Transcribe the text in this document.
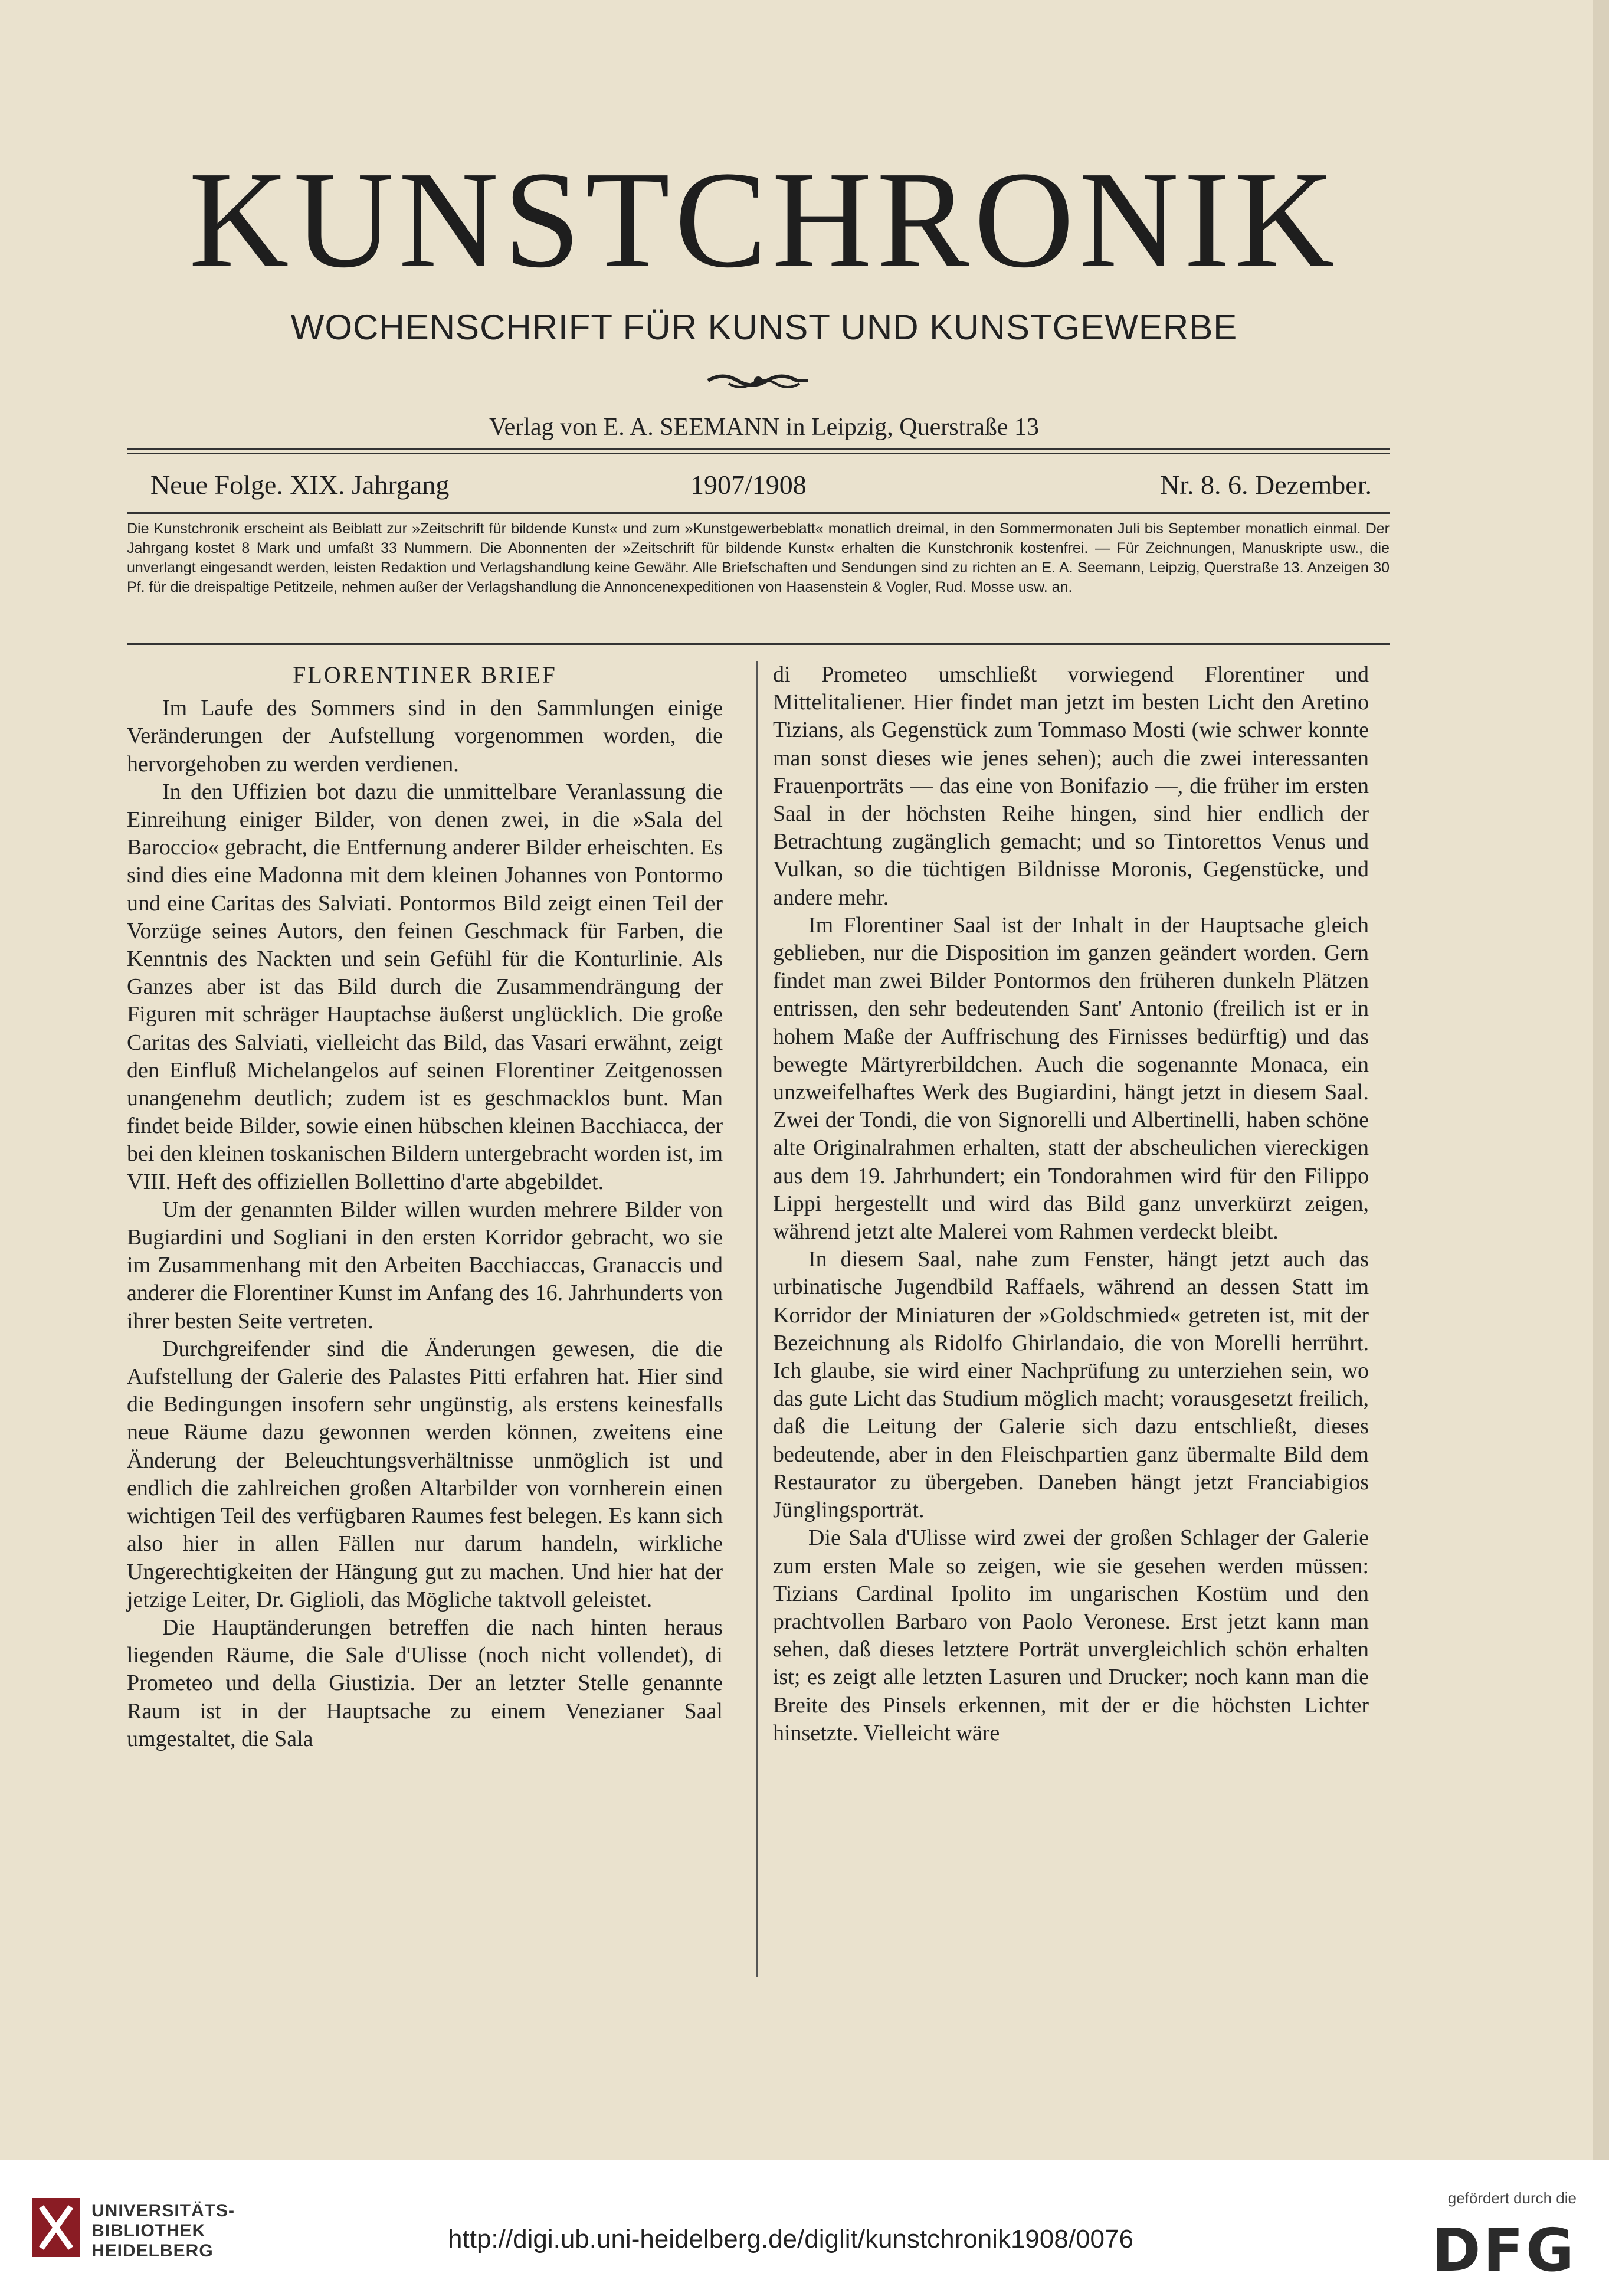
KUNSTCHRONIK
WOCHENSCHRIFT FÜR KUNST UND KUNSTGEWERBE
Verlag von E. A. SEEMANN in Leipzig, Querstraße 13
Neue Folge. XIX. Jahrgang	1907/1908	Nr. 8. 6. Dezember.
Die Kunstchronik erscheint als Beiblatt zur »Zeitschrift für bildende Kunst« und zum »Kunstgewerbeblatt« monatlich dreimal, in den Sommermonaten Juli bis September monatlich einmal. Der Jahrgang kostet 8 Mark und umfaßt 33 Nummern. Die Abonnenten der »Zeitschrift für bildende Kunst« erhalten die Kunstchronik kostenfrei. — Für Zeichnungen, Manuskripte usw., die unverlangt eingesandt werden, leisten Redaktion und Verlagshandlung keine Gewähr. Alle Briefschaften und Sendungen sind zu richten an E. A. Seemann, Leipzig, Querstraße 13. Anzeigen 30 Pf. für die dreispaltige Petitzeile, nehmen außer der Verlagshandlung die Annoncenexpeditionen von Haasenstein & Vogler, Rud. Mosse usw. an.
FLORENTINER BRIEF

Im Laufe des Sommers sind in den Sammlungen einige Veränderungen der Aufstellung vorgenommen worden, die hervorgehoben zu werden verdienen.

In den Uffizien bot dazu die unmittelbare Veranlassung die Einreihung einiger Bilder, von denen zwei, in die »Sala del Baroccio« gebracht, die Entfernung anderer Bilder erheischten. Es sind dies eine Madonna mit dem kleinen Johannes von Pontormo und eine Caritas des Salviati. Pontormos Bild zeigt einen Teil der Vorzüge seines Autors, den feinen Geschmack für Farben, die Kenntnis des Nackten und sein Gefühl für die Konturlinie. Als Ganzes aber ist das Bild durch die Zusammendrängung der Figuren mit schräger Hauptachse äußerst unglücklich. Die große Caritas des Salviati, vielleicht das Bild, das Vasari erwähnt, zeigt den Einfluß Michelangelos auf seinen Florentiner Zeitgenossen unangenehm deutlich; zudem ist es geschmacklos bunt. Man findet beide Bilder, sowie einen hübschen kleinen Bacchiacca, der bei den kleinen toskanischen Bildern untergebracht worden ist, im VIII. Heft des offiziellen Bollettino d'arte abgebildet.

Um der genannten Bilder willen wurden mehrere Bilder von Bugiardini und Sogliani in den ersten Korridor gebracht, wo sie im Zusammenhang mit den Arbeiten Bacchiaccas, Granaccis und anderer die Florentiner Kunst im Anfang des 16. Jahrhunderts von ihrer besten Seite vertreten.

Durchgreifender sind die Änderungen gewesen, die die Aufstellung der Galerie des Palastes Pitti erfahren hat. Hier sind die Bedingungen insofern sehr ungünstig, als erstens keinesfalls neue Räume dazu gewonnen werden können, zweitens eine Änderung der Beleuchtungsverhältnisse unmöglich ist und endlich die zahlreichen großen Altarbilder von vornherein einen wichtigen Teil des verfügbaren Raumes fest belegen. Es kann sich also hier in allen Fällen nur darum handeln, wirkliche Ungerechtigkeiten der Hängung gut zu machen. Und hier hat der jetzige Leiter, Dr. Giglioli, das Mögliche taktvoll geleistet.

Die Hauptänderungen betreffen die nach hinten heraus liegenden Räume, die Sale d'Ulisse (noch nicht vollendet), di Prometeo und della Giustizia. Der an letzter Stelle genannte Raum ist in der Hauptsache zu einem Venezianer Saal umgestaltet, die Sala

di Prometeo umschließt vorwiegend Florentiner und Mittelitaliener. Hier findet man jetzt im besten Licht den Aretino Tizians, als Gegenstück zum Tommaso Mosti (wie schwer konnte man sonst dieses wie jenes sehen); auch die zwei interessanten Frauenporträts — das eine von Bonifazio —, die früher im ersten Saal in der höchsten Reihe hingen, sind hier endlich der Betrachtung zugänglich gemacht; und so Tintorettos Venus und Vulkan, so die tüchtigen Bildnisse Moronis, Gegenstücke, und andere mehr.

Im Florentiner Saal ist der Inhalt in der Hauptsache gleich geblieben, nur die Disposition im ganzen geändert worden. Gern findet man zwei Bilder Pontormos den früheren dunkeln Plätzen entrissen, den sehr bedeutenden Sant' Antonio (freilich ist er in hohem Maße der Auffrischung des Firnisses bedürftig) und das bewegte Märtyrerbildchen. Auch die sogenannte Monaca, ein unzweifelhaftes Werk des Bugiardini, hängt jetzt in diesem Saal. Zwei der Tondi, die von Signorelli und Albertinelli, haben schöne alte Originalrahmen erhalten, statt der abscheulichen viereckigen aus dem 19. Jahrhundert; ein Tondorahmen wird für den Filippo Lippi hergestellt und wird das Bild ganz unverkürzt zeigen, während jetzt alte Malerei vom Rahmen verdeckt bleibt.

In diesem Saal, nahe zum Fenster, hängt jetzt auch das urbinatische Jugendbild Raffaels, während an dessen Statt im Korridor der Miniaturen der »Goldschmied« getreten ist, mit der Bezeichnung als Ridolfo Ghirlandaio, die von Morelli herrührt. Ich glaube, sie wird einer Nachprüfung zu unterziehen sein, wo das gute Licht das Studium möglich macht; vorausgesetzt freilich, daß die Leitung der Galerie sich dazu entschließt, dieses bedeutende, aber in den Fleischpartien ganz übermalte Bild dem Restaurator zu übergeben. Daneben hängt jetzt Franciabigios Jünglingsporträt.

Die Sala d'Ulisse wird zwei der großen Schlager der Galerie zum ersten Male so zeigen, wie sie gesehen werden müssen: Tizians Cardinal Ipolito im ungarischen Kostüm und den prachtvollen Barbaro von Paolo Veronese. Erst jetzt kann man sehen, daß dieses letztere Porträt unvergleichlich schön erhalten ist; es zeigt alle letzten Lasuren und Drucker; noch kann man die Breite des Pinsels erkennen, mit der er die höchsten Lichter hinsetzte. Vielleicht wäre

UNIVERSITÄTS-
BIBLIOTHEK
HEIDELBERG	http://digi.ub.uni-heidelberg.de/diglit/kunstchronik1908/0076
gefördert durch die
DFG
